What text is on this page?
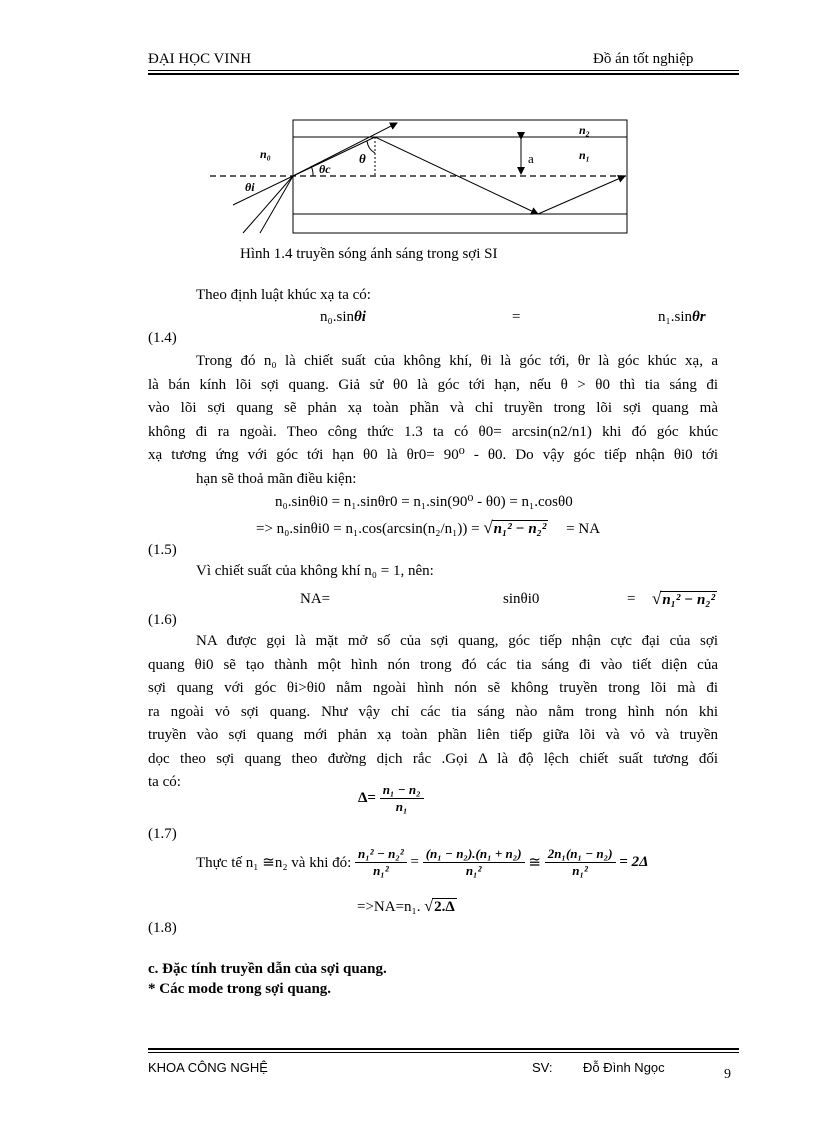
ĐẠI HỌC VINH	Đồ án tốt nghiệp
n₂
n₁
n₀	a
θ
θc
θi
Hình 1.4 truyền sóng ánh sáng trong sợi SI
Theo định luật khúc xạ ta có:
n₀.sinθi	=	n₁.sinθr
(1.4)
Trong đó n₀ là chiết suất của không khí, θi là góc tới, θr là góc khúc xạ, a
là bán kính lõi sợi quang. Giả sử θ0 là góc tới hạn, nếu θ > θ0 thì tia sáng đi
vào lõi sợi quang sẽ phản xạ toàn phần và chỉ truyền trong lõi sợi quang mà
không đi ra ngoài. Theo công thức 1.3 ta có θ0= arcsin(n2/n1) khi đó góc khúc
xạ tương ứng với góc tới hạn θ0 là θr0= 90⁰ - θ0. Do vậy góc tiếp nhận θi0 tới
hạn sẽ thoả mãn điều kiện:
n₀.sinθi0 = n₁.sinθr0 = n₁.sin(90⁰ - θ0) = n₁.cosθ0
=> n₀.sinθi0 = n₁.cos(arcsin(n₂/n₁)) = √n₁² − n₂² = NA
(1.5)
Vì chiết suất của không khí n₀ = 1, nên:
NA=	sinθi0	= √n₁² − n₂²
(1.6)
NA được gọi là mặt mở số của sợi quang, góc tiếp nhận cực đại của sợi
quang θi0 sẽ tạo thành một hình nón trong đó các tia sáng đi vào tiết diện của
sợi quang với góc θi>θi0 nằm ngoài hình nón sẽ không truyền trong lõi mà đi
ra ngoài vỏ sợi quang. Như vậy chỉ các tia sáng nào nằm trong hình nón khi
truyền vào sợi quang mới phản xạ toàn phần liên tiếp giữa lõi và vỏ và truyền
dọc theo sợi quang theo đường dịch rắc .Gọi Δ là độ lệch chiết suất tương đối
ta có:
$\Delta= \frac{\text{n₁ − n₂}}{\text{n₁}}$
(1.7)
Thực tế n₁ ≅n₂ và khi đó: $\frac{\text{n₁² − n₂²}}{\text{n₁²}} = \frac{\text{(n₁ − n₂).(n₁ + n₂)}}{\text{n₁²}}$ ≅ $\frac{\text{2n₁(n₁ − n₂)}}{\text{n₁²}} = 2\Delta$
=>NA=n₁. √2.Δ
(1.8)
c. Đặc tính truyền dẫn của sợi quang.
* Các mode trong sợi quang.
KHOA CÔNG NGHỆ	SV: Đỗ Đình Ngọc	9
